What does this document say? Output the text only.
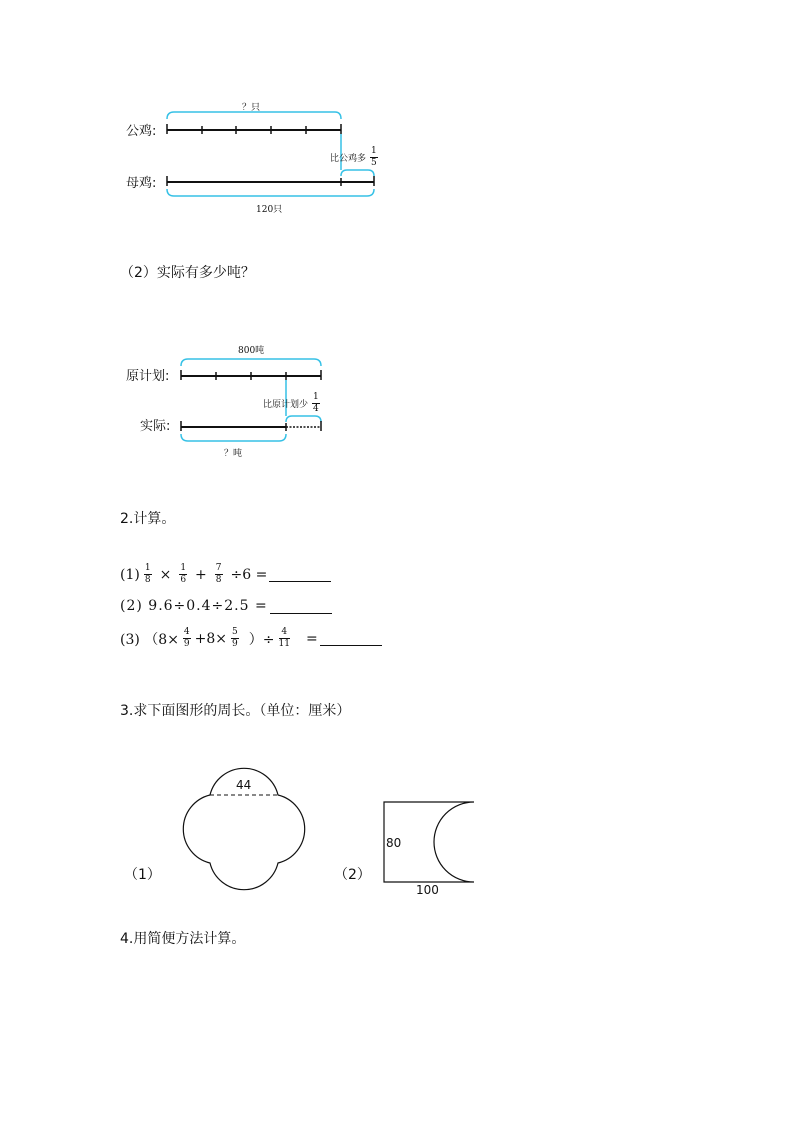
？只
公鸡:
母鸡:
比公鸡多 $\frac{1}{5}$
120只
（2）实际有多少吨？
800吨
原计划:
实际:
比原计划少 $\frac{1}{4}$
？吨
2.计算。
$(1) \frac{1}{8} \times \frac{1}{6} + \frac{7}{8} \div 6$ =
(2) 9.6÷0.4÷2.5 =
(3) （$8\times \frac{4}{9} +8\times \frac{5}{9}$ ）÷ $\frac{4}{11}$ =
3.求下面图形的周长。（单位：厘米）
（1）
44
（2）
80
100
4.用简便方法计算。
